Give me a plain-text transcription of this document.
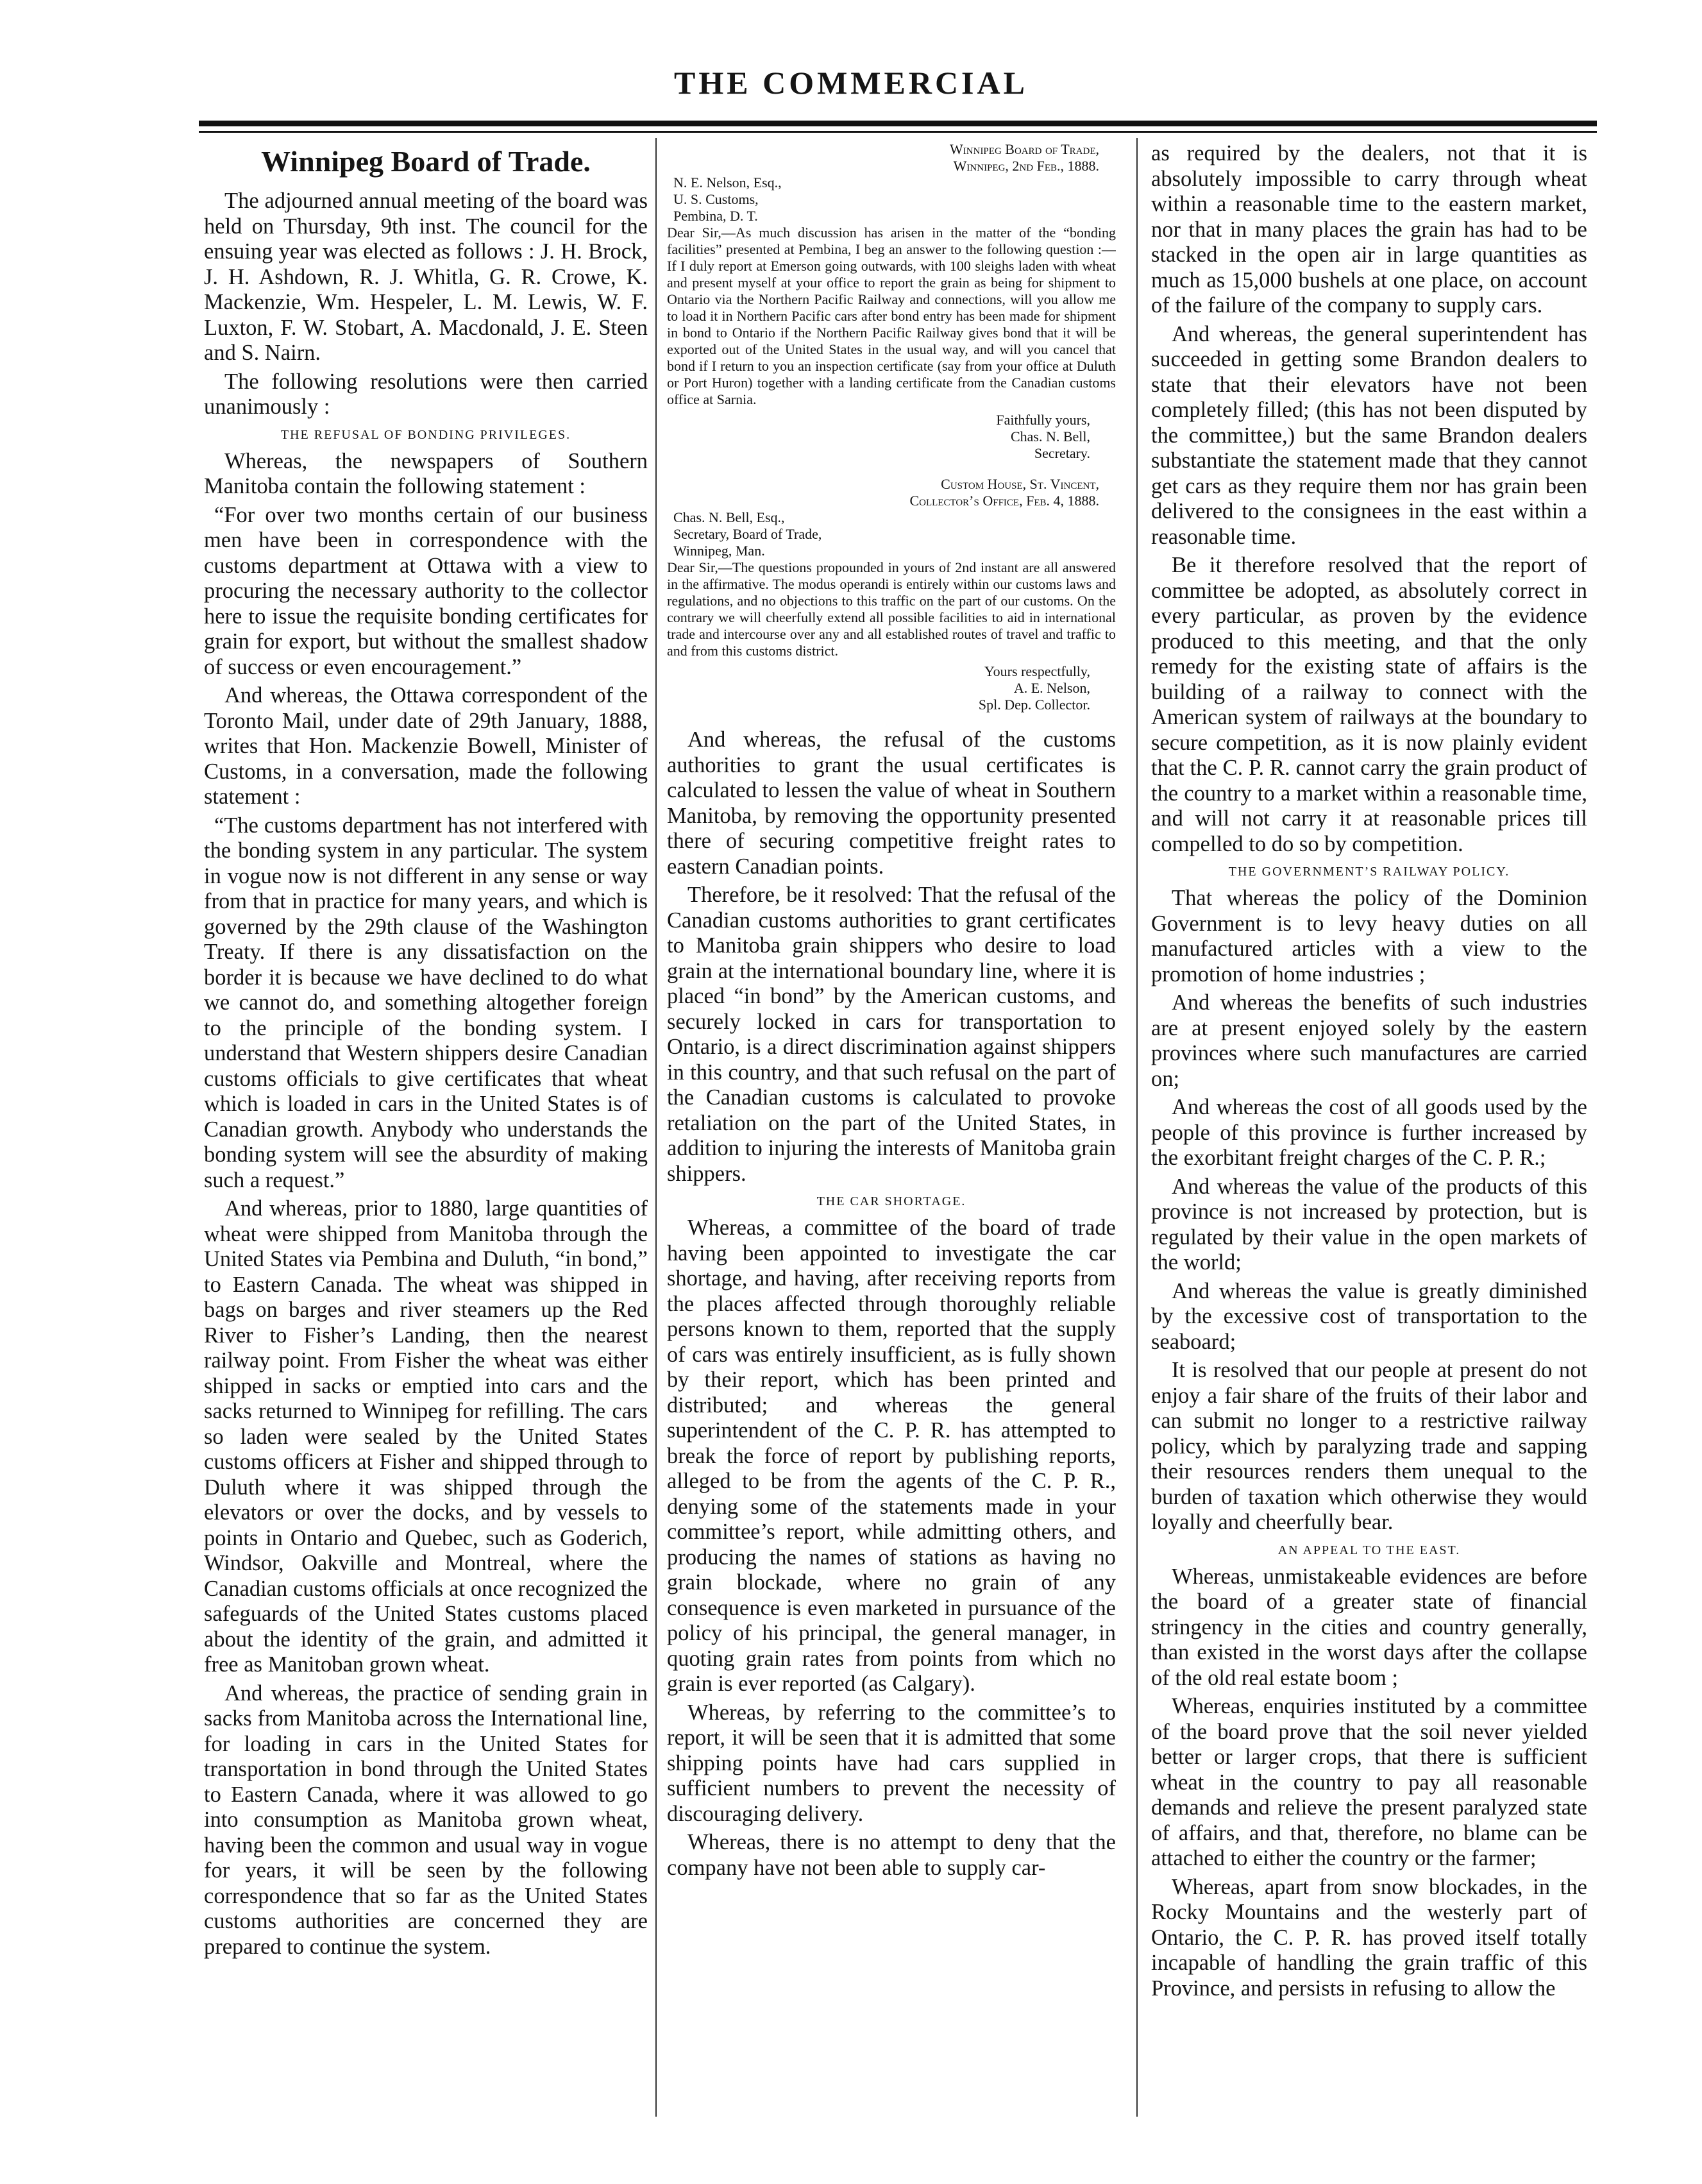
THE COMMERCIAL
Winnipeg Board of Trade.

The adjourned annual meeting of the board was held on Thursday, 9th inst. The council for the ensuing year was elected as follows : J. H. Brock, J. H. Ashdown, R. J. Whitla, G. R. Crowe, K. Mackenzie, Wm. Hespeler, L. M. Lewis, W. F. Luxton, F. W. Stobart, A. Macdonald, J. E. Steen and S. Nairn.

The following resolutions were then carried unanimously :

THE REFUSAL OF BONDING PRIVILEGES.

Whereas, the newspapers of Southern Manitoba contain the following statement :

“For over two months certain of our business men have been in correspondence with the customs department at Ottawa with a view to procuring the necessary authority to the collector here to issue the requisite bonding certificates for grain for export, but without the smallest shadow of success or even encouragement.”

And whereas, the Ottawa correspondent of the Toronto Mail, under date of 29th January, 1888, writes that Hon. Mackenzie Bowell, Minister of Customs, in a conversation, made the following statement :

“The customs department has not interfered with the bonding system in any particular. The system in vogue now is not different in any sense or way from that in practice for many years, and which is governed by the 29th clause of the Washington Treaty. If there is any dissatisfaction on the border it is because we have declined to do what we cannot do, and something altogether foreign to the principle of the bonding system. I understand that Western shippers desire Canadian customs officials to give certificates that wheat which is loaded in cars in the United States is of Canadian growth. Anybody who understands the bonding system will see the absurdity of making such a request.”

And whereas, prior to 1880, large quantities of wheat were shipped from Manitoba through the United States via Pembina and Duluth, “in bond,” to Eastern Canada. The wheat was shipped in bags on barges and river steamers up the Red River to Fisher’s Landing, then the nearest railway point. From Fisher the wheat was either shipped in sacks or emptied into cars and the sacks returned to Winnipeg for refilling. The cars so laden were sealed by the United States customs officers at Fisher and shipped through to Duluth where it was shipped through the elevators or over the docks, and by vessels to points in Ontario and Quebec, such as Goderich, Windsor, Oakville and Montreal, where the Canadian customs officials at once recognized the safeguards of the United States customs placed about the identity of the grain, and admitted it free as Manitoban grown wheat.

And whereas, the practice of sending grain in sacks from Manitoba across the International line, for loading in cars in the United States for transportation in bond through the United States to Eastern Canada, where it was allowed to go into consumption as Manitoba grown wheat, having been the common and usual way in vogue for years, it will be seen by the following correspondence that so far as the United States customs authorities are concerned they are prepared to continue the system.

Winnipeg Board of Trade,
Winnipeg, 2nd Feb., 1888.
N. E. Nelson, Esq.,
U. S. Customs,
Pembina, D. T.

Dear Sir,—As much discussion has arisen in the matter of the “bonding facilities” presented at Pembina, I beg an answer to the following question :— If I duly report at Emerson going outwards, with 100 sleighs laden with wheat and present myself at your office to report the grain as being for shipment to Ontario via the Northern Pacific Railway and connections, will you allow me to load it in Northern Pacific cars after bond entry has been made for shipment in bond to Ontario if the Northern Pacific Railway gives bond that it will be exported out of the United States in the usual way, and will you cancel that bond if I return to you an inspection certificate (say from your office at Duluth or Port Huron) together with a landing certificate from the Canadian customs office at Sarnia.

Faithfully yours,
Chas. N. Bell,
Secretary.
Custom House, St. Vincent,
Collector’s Office, Feb. 4, 1888.
Chas. N. Bell, Esq.,
Secretary, Board of Trade,
Winnipeg, Man.

Dear Sir,—The questions propounded in yours of 2nd instant are all answered in the affirmative. The modus operandi is entirely within our customs laws and regulations, and no objections to this traffic on the part of our customs. On the contrary we will cheerfully extend all possible facilities to aid in international trade and intercourse over any and all established routes of travel and traffic to and from this customs district.

Yours respectfully,
A. E. Nelson,
Spl. Dep. Collector.

And whereas, the refusal of the customs authorities to grant the usual certificates is calculated to lessen the value of wheat in Southern Manitoba, by removing the opportunity presented there of securing competitive freight rates to eastern Canadian points.

Therefore, be it resolved: That the refusal of the Canadian customs authorities to grant certificates to Manitoba grain shippers who desire to load grain at the international boundary line, where it is placed “in bond” by the American customs, and securely locked in cars for transportation to Ontario, is a direct discrimination against shippers in this country, and that such refusal on the part of the Canadian customs is calculated to provoke retaliation on the part of the United States, in addition to injuring the interests of Manitoba grain shippers.

THE CAR SHORTAGE.

Whereas, a committee of the board of trade having been appointed to investigate the car shortage, and having, after receiving reports from the places affected through thoroughly reliable persons known to them, reported that the supply of cars was entirely insufficient, as is fully shown by their report, which has been printed and distributed; and whereas the general superintendent of the C. P. R. has attempted to break the force of report by publishing reports, alleged to be from the agents of the C. P. R., denying some of the statements made in your committee’s report, while admitting others, and producing the names of stations as having no grain blockade, where no grain of any consequence is even marketed in pursuance of the policy of his principal, the general manager, in quoting grain rates from points from which no grain is ever reported (as Calgary).

Whereas, by referring to the committee’s to report, it will be seen that it is admitted that some shipping points have had cars supplied in sufficient numbers to prevent the necessity of discouraging delivery.

Whereas, there is no attempt to deny that the company have not been able to supply car-

as required by the dealers, not that it is absolutely impossible to carry through wheat within a reasonable time to the eastern market, nor that in many places the grain has had to be stacked in the open air in large quantities as much as 15,000 bushels at one place, on account of the failure of the company to supply cars.

And whereas, the general superintendent has succeeded in getting some Brandon dealers to state that their elevators have not been completely filled; (this has not been disputed by the committee,) but the same Brandon dealers substantiate the statement made that they cannot get cars as they require them nor has grain been delivered to the consignees in the east within a reasonable time.

Be it therefore resolved that the report of committee be adopted, as absolutely correct in every particular, as proven by the evidence produced to this meeting, and that the only remedy for the existing state of affairs is the building of a railway to connect with the American system of railways at the boundary to secure competition, as it is now plainly evident that the C. P. R. cannot carry the grain product of the country to a market within a reasonable time, and will not carry it at reasonable prices till compelled to do so by competition.

THE GOVERNMENT’S RAILWAY POLICY.

That whereas the policy of the Dominion Government is to levy heavy duties on all manufactured articles with a view to the promotion of home industries ;

And whereas the benefits of such industries are at present enjoyed solely by the eastern provinces where such manufactures are carried on;

And whereas the cost of all goods used by the people of this province is further increased by the exorbitant freight charges of the C. P. R.;

And whereas the value of the products of this province is not increased by protection, but is regulated by their value in the open markets of the world;

And whereas the value is greatly diminished by the excessive cost of transportation to the seaboard;

It is resolved that our people at present do not enjoy a fair share of the fruits of their labor and can submit no longer to a restrictive railway policy, which by paralyzing trade and sapping their resources renders them unequal to the burden of taxation which otherwise they would loyally and cheerfully bear.

AN APPEAL TO THE EAST.

Whereas, unmistakeable evidences are before the board of a greater state of financial stringency in the cities and country generally, than existed in the worst days after the collapse of the old real estate boom ;

Whereas, enquiries instituted by a committee of the board prove that the soil never yielded better or larger crops, that there is sufficient wheat in the country to pay all reasonable demands and relieve the present paralyzed state of affairs, and that, therefore, no blame can be attached to either the country or the farmer;

Whereas, apart from snow blockades, in the Rocky Mountains and the westerly part of Ontario, the C. P. R. has proved itself totally incapable of handling the grain traffic of this Province, and persists in refusing to allow the
